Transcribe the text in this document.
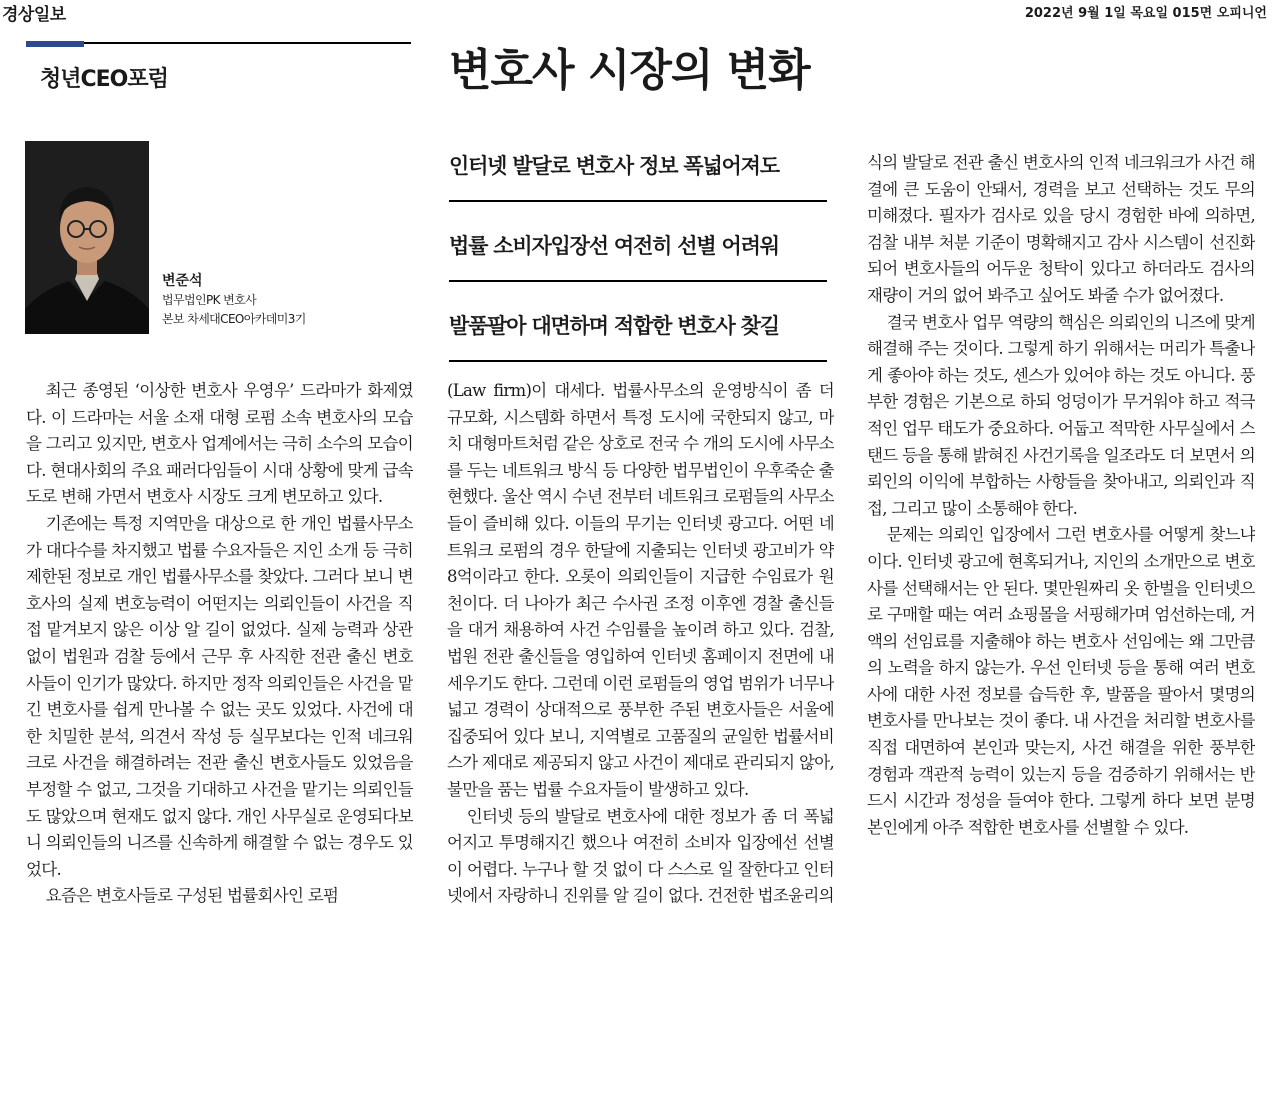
경상일보	2022년 9월 1일 목요일 015면 오피니언
청년CEO포럼	변호사 시장의 변화
변준석
법무법인PK 변호사
본보 차세대CEO아카데미3기
인터넷 발달로 변호사 정보 폭넓어져도
법률 소비자입장선 여전히 선별 어려워
발품팔아 대면하며 적합한 변호사 찾길

최근 종영된 ‘이상한 변호사 우영우’ 드라마가 화제였다. 이 드라마는 서울 소재 대형 로펌 소속 변호사의 모습을 그리고 있지만, 변호사 업계에서는 극히 소수의 모습이다. 현대사회의 주요 패러다임들이 시대 상황에 맞게 급속도로 변해 가면서 변호사 시장도 크게 변모하고 있다.

기존에는 특정 지역만을 대상으로 한 개인 법률사무소가 대다수를 차지했고 법률 수요자들은 지인 소개 등 극히 제한된 정보로 개인 법률사무소를 찾았다. 그러다 보니 변호사의 실제 변호능력이 어떤지는 의뢰인들이 사건을 직접 맡겨보지 않은 이상 알 길이 없었다. 실제 능력과 상관없이 법원과 검찰 등에서 근무 후 사직한 전관 출신 변호사들이 인기가 많았다. 하지만 정작 의뢰인들은 사건을 맡긴 변호사를 쉽게 만나볼 수 없는 곳도 있었다. 사건에 대한 치밀한 분석, 의견서 작성 등 실무보다는 인적 네크워크로 사건을 해결하려는 전관 출신 변호사들도 있었음을 부정할 수 없고, 그것을 기대하고 사건을 맡기는 의뢰인들도 많았으며 현재도 없지 않다. 개인 사무실로 운영되다보니 의뢰인들의 니즈를 신속하게 해결할 수 없는 경우도 있었다.

요즘은 변호사들로 구성된 법률회사인 로펌

(Law firm)이 대세다. 법률사무소의 운영방식이 좀 더 규모화, 시스템화 하면서 특정 도시에 국한되지 않고, 마치 대형마트처럼 같은 상호로 전국 수 개의 도시에 사무소를 두는 네트워크 방식 등 다양한 법무법인이 우후죽순 출현했다. 울산 역시 수년 전부터 네트워크 로펌들의 사무소들이 즐비해 있다. 이들의 무기는 인터넷 광고다. 어떤 네트워크 로펌의 경우 한달에 지출되는 인터넷 광고비가 약 8억이라고 한다. 오롯이 의뢰인들이 지급한 수임료가 원천이다. 더 나아가 최근 수사권 조정 이후엔 경찰 출신들을 대거 채용하여 사건 수임률을 높이려 하고 있다. 검찰, 법원 전관 출신들을 영입하여 인터넷 홈페이지 전면에 내세우기도 한다. 그런데 이런 로펌들의 영업 범위가 너무나 넓고 경력이 상대적으로 풍부한 주된 변호사들은 서울에 집중되어 있다 보니, 지역별로 고품질의 균일한 법률서비스가 제대로 제공되지 않고 사건이 제대로 관리되지 않아, 불만을 품는 법률 수요자들이 발생하고 있다.

인터넷 등의 발달로 변호사에 대한 정보가 좀 더 폭넓어지고 투명해지긴 했으나 여전히 소비자 입장에선 선별이 어렵다. 누구나 할 것 없이 다 스스로 일 잘한다고 인터넷에서 자랑하니 진위를 알 길이 없다. 건전한 법조윤리의

식의 발달로 전관 출신 변호사의 인적 네크워크가 사건 해결에 큰 도움이 안돼서, 경력을 보고 선택하는 것도 무의미해졌다. 필자가 검사로 있을 당시 경험한 바에 의하면, 검찰 내부 처분 기준이 명확해지고 감사 시스템이 선진화되어 변호사들의 어두운 청탁이 있다고 하더라도 검사의 재량이 거의 없어 봐주고 싶어도 봐줄 수가 없어졌다.

결국 변호사 업무 역량의 핵심은 의뢰인의 니즈에 맞게 해결해 주는 것이다. 그렇게 하기 위해서는 머리가 특출나게 좋아야 하는 것도, 센스가 있어야 하는 것도 아니다. 풍부한 경험은 기본으로 하되 엉덩이가 무거워야 하고 적극적인 업무 태도가 중요하다. 어둡고 적막한 사무실에서 스탠드 등을 통해 밝혀진 사건기록을 일조라도 더 보면서 의뢰인의 이익에 부합하는 사항들을 찾아내고, 의뢰인과 직접, 그리고 많이 소통해야 한다.

문제는 의뢰인 입장에서 그런 변호사를 어떻게 찾느냐이다. 인터넷 광고에 현혹되거나, 지인의 소개만으로 변호사를 선택해서는 안 된다. 몇만원짜리 옷 한벌을 인터넷으로 구매할 때는 여러 쇼핑몰을 서핑해가며 엄선하는데, 거액의 선임료를 지출해야 하는 변호사 선임에는 왜 그만큼의 노력을 하지 않는가. 우선 인터넷 등을 통해 여러 변호사에 대한 사전 정보를 습득한 후, 발품을 팔아서 몇명의 변호사를 만나보는 것이 좋다. 내 사건을 처리할 변호사를 직접 대면하여 본인과 맞는지, 사건 해결을 위한 풍부한 경험과 객관적 능력이 있는지 등을 검증하기 위해서는 반드시 시간과 정성을 들여야 한다. 그렇게 하다 보면 분명 본인에게 아주 적합한 변호사를 선별할 수 있다.
